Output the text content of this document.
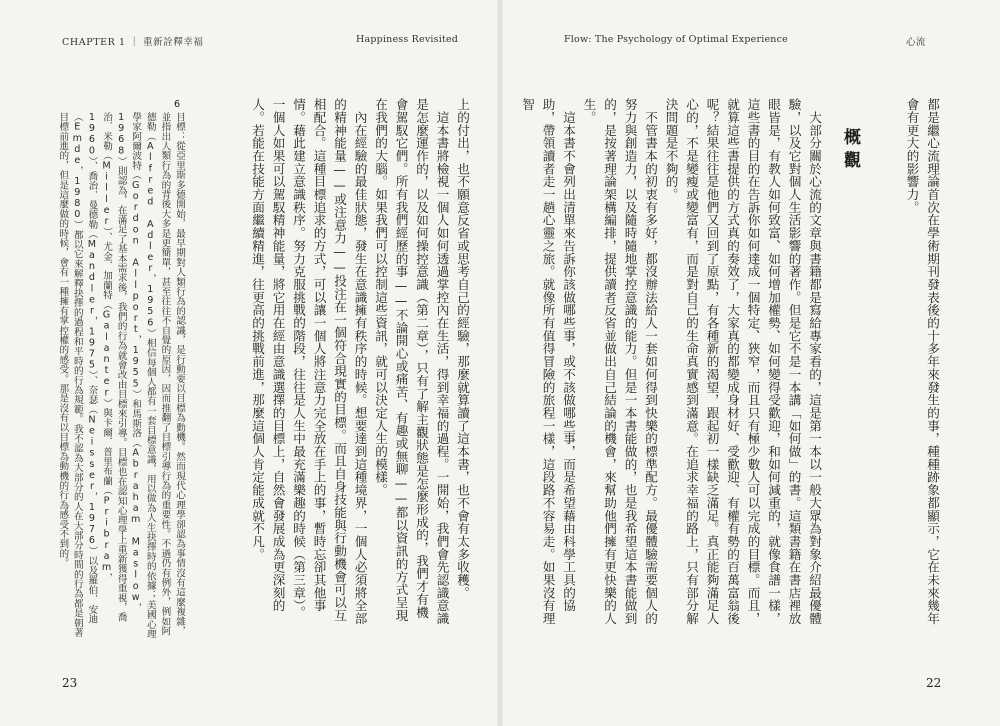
CHAPTER 1 ｜ 重新詮釋幸福	Happiness Revisited
上的付出，也不願意反省或思考自己的經驗，那麼就算讀了這本書，也不會有太多收穫。
　這本書將檢視一個人如何透過掌控內在生活，得到幸福的過程。一開始，我們會先認識意識是怎麼運作的，以及如何操控意識（第二章），只有了解主觀狀態是怎麼形成的，我們才有機會駕馭它們。所有我們經歷的事——不論開心或痛苦、有趣或無聊——都以資訊的方式呈現在我們的大腦。如果我們可以控制這些資訊，就可以決定人生的模樣。
　內在經驗的最佳狀態，發生在意識擁有秩序的時候。想要達到這種境界，一個人必須將全部的精神能量——或注意力——投注在一個符合現實的目標。而且自身技能與行動機會可以互相配合。這種目標追求的方式，可以讓一個人將注意力完全放在手上的事，暫時忘卻其他事情。藉此建立意識秩序。努力克服挑戰的階段，往往是人生中最充滿樂趣的時候（第三章）。一個人如果可以駕馭精神能量，將它用在經由意識選擇的目標上，自然會發展成為更深刻的人。若能在技能方面繼續精進，往更高的挑戰前進，那麼這個人肯定能成就不凡。
6
目標：從亞里斯多德開始，最早期對人類行為的認識，是行動要以目標為動機。然而現代心理學卻認為事情沒有這麼複雜，並指出人類行為的背後大多是更簡單，甚至往往不自覺的原因，因而推翻了目標引導行為的重要性。不過仍有例外，例如阿德勒（Alfred Adler，1956）相信每個人都有一套目標意識，用以做為人生抉擇時的依據；美國心理學家阿爾波特（Gordon Allport，1955）和馬斯洛（Abraham Maslow，1968）則認為，在滿足了基本需求後，我們的行為就會改由目標來引導。目標也在認知心理學上重新獲得重視，喬治．米勒（Miller）、尤金．加蘭特（Galanter）與卡爾．普里布蘭（Pribram，1960）、喬治．曼德勒（Mandler，1975）、奈瑟（Neisser，1976）以及羅伯．安迪（Emde，1980）都以它來解釋抉擇的過程和平時的行為規範。我不認為大部分的人在大部分時間的行為都是朝著目標前進的，但是這麼做的時候，會有一種擁有掌控權的感受。那是沒有以目標為動機的行為感受不到的。
23
Flow: The Psychology of Optimal Experience	心流
都是繼心流理論首次在學術期刊發表後的十多年來發生的事，種種跡象都顯示，它在未來幾年會有更大的影響力。
概觀
　大部分關於心流的文章與書籍都是寫給專家看的，這是第一本以一般大眾為對象介紹最優體驗，以及它對個人生活影響的著作。但是它不是一本講「如何做」的書。這類書籍在書店裡放眼皆是，有教人如何致富、如何增加權勢、如何變得受歡迎，和如何減重的，就像食譜一樣，這些書的目的在告訴你如何達成一個特定、狹窄，而且只有極少數人可以完成的目標。而且，就算這些書提供的方式真的奏效了，大家真的都變成身材好、受歡迎、有權有勢的百萬富翁後呢？結果往往是他們又回到了原點，有各種新的渴望，跟起初一樣缺乏滿足。真正能夠滿足人心的，不是變瘦或變富有，而是對自己的生命真實感到滿意。在追求幸福的路上，只有部分解決問題是不夠的。
　不管書本的初衷有多好，都沒辦法給人一套如何得到快樂的標準配方。最優體驗需要個人的努力與創造力，以及隨時隨地掌控意識的能力。但是一本書能做的，也是我希望這本書能做到的，是按著理論架構編排，提供讀者反省並做出自己結論的機會，來幫助他們擁有更快樂的人生。
　這本書不會列出清單來告訴你該做哪些事，或不該做哪些事，而是希望藉由科學工具的協助，帶領讀者走一趟心靈之旅。就像所有值得冒險的旅程一樣，這段路不容易走。如果沒有理智
22
